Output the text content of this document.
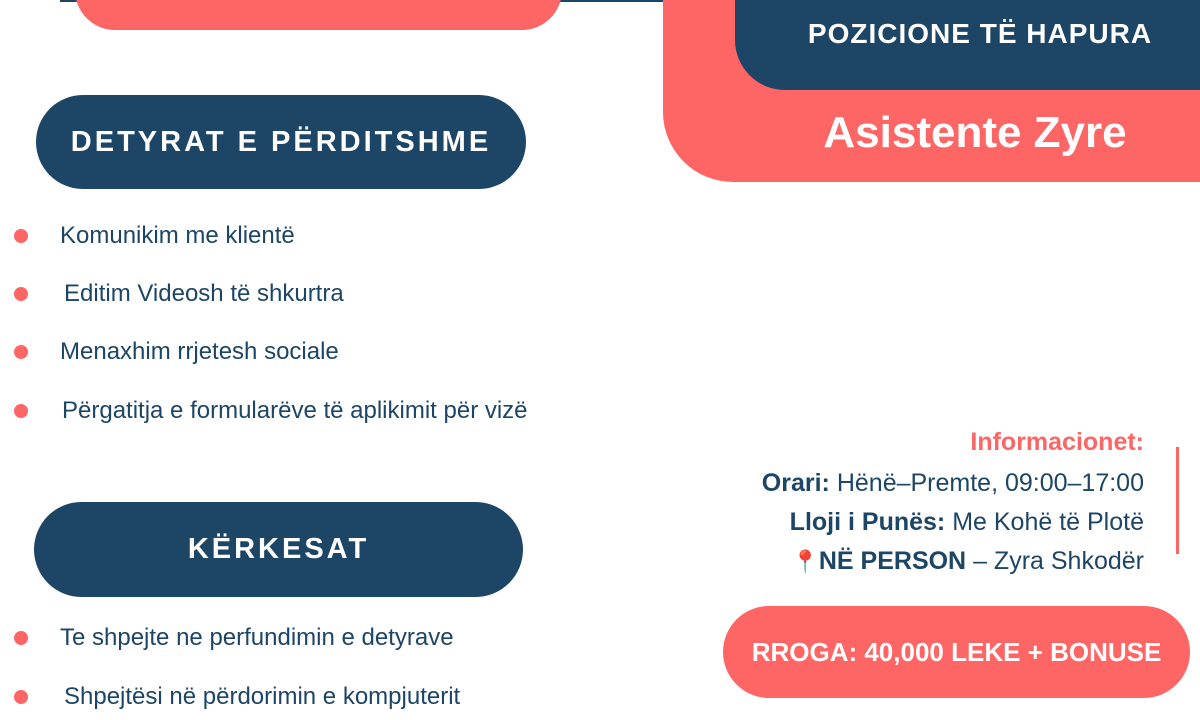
POZICIONE TË HAPURA
Asistente Zyre
DETYRAT E PËRDITSHME
Komunikim me klientë
Editim Videosh të shkurtra
Menaxhim rrjetesh sociale
Përgatitja e formularëve të aplikimit për vizë
KËRKESAT
Te shpejte ne perfundimin e detyrave
Shpejtësi në përdorimin e kompjuterit
Informacionet:
Orari: Hënë–Premte, 09:00–17:00
Lloji i Punës: Me Kohë të Plotë
📍NË PERSON – Zyra Shkodër
RROGA: 40,000 LEKE + BONUSE
